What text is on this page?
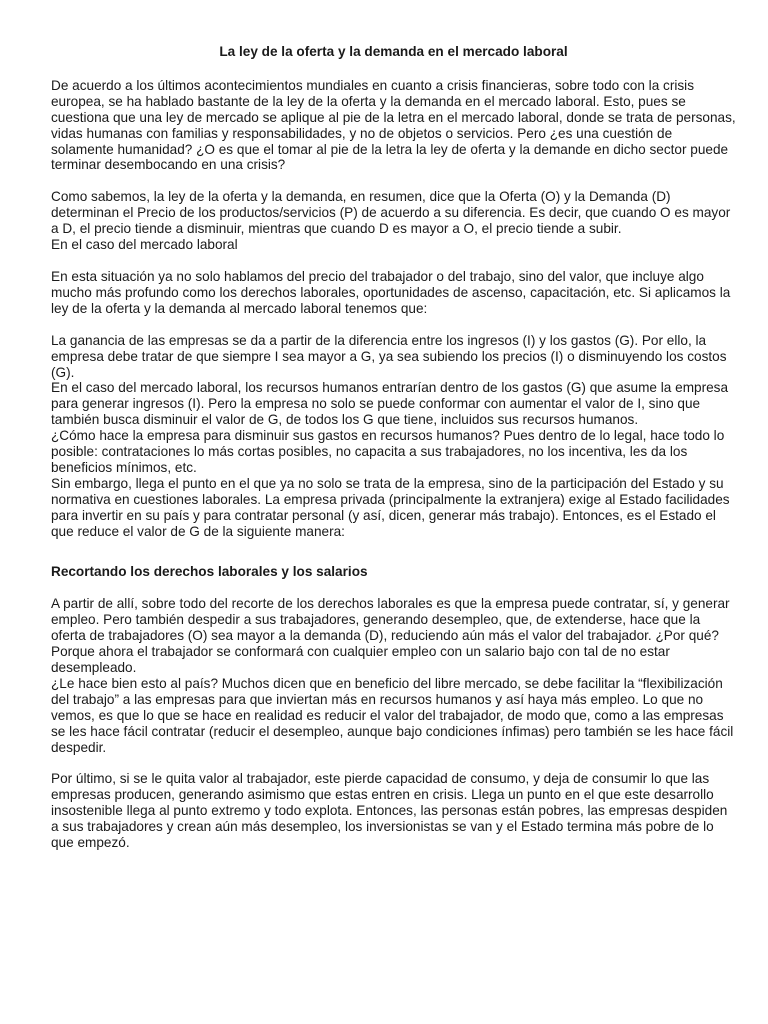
La ley de la oferta y la demanda en el mercado laboral

De acuerdo a los últimos acontecimientos mundiales en cuanto a crisis financieras, sobre todo con la crisis europea, se ha hablado bastante de la ley de la oferta y la demanda en el mercado laboral. Esto, pues se cuestiona que una ley de mercado se aplique al pie de la letra en el mercado laboral, donde se trata de personas, vidas humanas con familias y responsabilidades, y no de objetos o servicios. Pero ¿es una cuestión de solamente humanidad? ¿O es que el tomar al pie de la letra la ley de oferta y la demande en dicho sector puede terminar desembocando en una crisis?

Como sabemos, la ley de la oferta y la demanda, en resumen, dice que la Oferta (O) y la Demanda (D) determinan el Precio de los productos/servicios (P) de acuerdo a su diferencia. Es decir, que cuando O es mayor a D, el precio tiende a disminuir, mientras que cuando D es mayor a O, el precio tiende a subir.

En el caso del mercado laboral

En esta situación ya no solo hablamos del precio del trabajador o del trabajo, sino del valor, que incluye algo mucho más profundo como los derechos laborales, oportunidades de ascenso, capacitación, etc. Si aplicamos la ley de la oferta y la demanda al mercado laboral tenemos que:

La ganancia de las empresas se da a partir de la diferencia entre los ingresos (I) y los gastos (G). Por ello, la empresa debe tratar de que siempre I sea mayor a G, ya sea subiendo los precios (I) o disminuyendo los costos (G).

En el caso del mercado laboral, los recursos humanos entrarían dentro de los gastos (G) que asume la empresa para generar ingresos (I). Pero la empresa no solo se puede conformar con aumentar el valor de I, sino que también busca disminuir el valor de G, de todos los G que tiene, incluidos sus recursos humanos.

¿Cómo hace la empresa para disminuir sus gastos en recursos humanos? Pues dentro de lo legal, hace todo lo posible: contrataciones lo más cortas posibles, no capacita a sus trabajadores, no los incentiva, les da los beneficios mínimos, etc.

Sin embargo, llega el punto en el que ya no solo se trata de la empresa, sino de la participación del Estado y su normativa en cuestiones laborales. La empresa privada (principalmente la extranjera) exige al Estado facilidades para invertir en su país y para contratar personal (y así, dicen, generar más trabajo). Entonces, es el Estado el que reduce el valor de G de la siguiente manera:

Recortando los derechos laborales y los salarios

A partir de allí, sobre todo del recorte de los derechos laborales es que la empresa puede contratar, sí, y generar empleo. Pero también despedir a sus trabajadores, generando desempleo, que, de extenderse, hace que la oferta de trabajadores (O) sea mayor a la demanda (D), reduciendo aún más el valor del trabajador. ¿Por qué? Porque ahora el trabajador se conformará con cualquier empleo con un salario bajo con tal de no estar desempleado.

¿Le hace bien esto al país? Muchos dicen que en beneficio del libre mercado, se debe facilitar la “flexibilización del trabajo” a las empresas para que inviertan más en recursos humanos y así haya más empleo. Lo que no vemos, es que lo que se hace en realidad es reducir el valor del trabajador, de modo que, como a las empresas se les hace fácil contratar (reducir el desempleo, aunque bajo condiciones ínfimas) pero también se les hace fácil despedir.

Por último, si se le quita valor al trabajador, este pierde capacidad de consumo, y deja de consumir lo que las empresas producen, generando asimismo que estas entren en crisis. Llega un punto en el que este desarrollo insostenible llega al punto extremo y todo explota. Entonces, las personas están pobres, las empresas despiden a sus trabajadores y crean aún más desempleo, los inversionistas se van y el Estado termina más pobre de lo que empezó.
